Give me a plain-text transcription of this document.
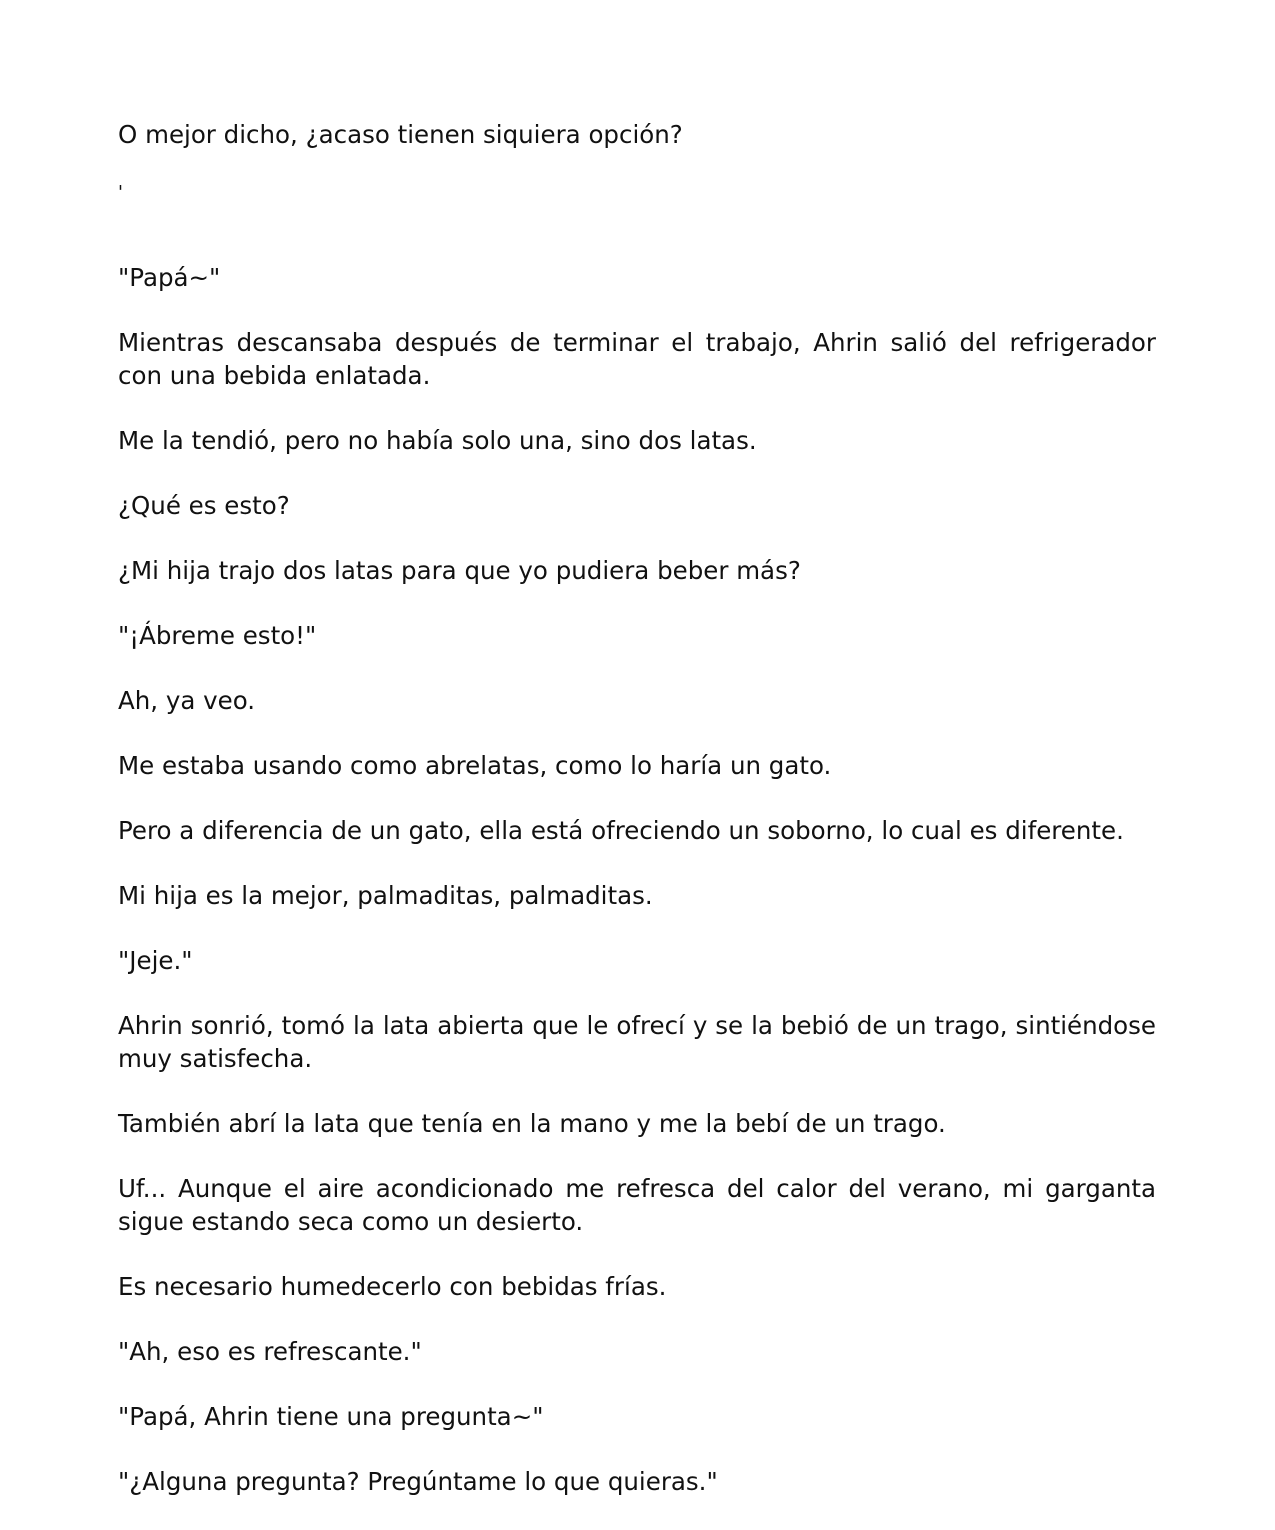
O mejor dicho, ¿acaso tienen siquiera opción?

'

"Papá~"

Mientras descansaba después de terminar el trabajo, Ahrin salió del refrigerador con una bebida enlatada.

Me la tendió, pero no había solo una, sino dos latas.

¿Qué es esto?

¿Mi hija trajo dos latas para que yo pudiera beber más?

"¡Ábreme esto!"

Ah, ya veo.

Me estaba usando como abrelatas, como lo haría un gato.

Pero a diferencia de un gato, ella está ofreciendo un soborno, lo cual es diferente.

Mi hija es la mejor, palmaditas, palmaditas.

"Jeje."

Ahrin sonrió, tomó la lata abierta que le ofrecí y se la bebió de un trago, sintiéndose muy satisfecha.

También abrí la lata que tenía en la mano y me la bebí de un trago.

Uf... Aunque el aire acondicionado me refresca del calor del verano, mi garganta sigue estando seca como un desierto.

Es necesario humedecerlo con bebidas frías.

"Ah, eso es refrescante."

"Papá, Ahrin tiene una pregunta~"

"¿Alguna pregunta? Pregúntame lo que quieras."
